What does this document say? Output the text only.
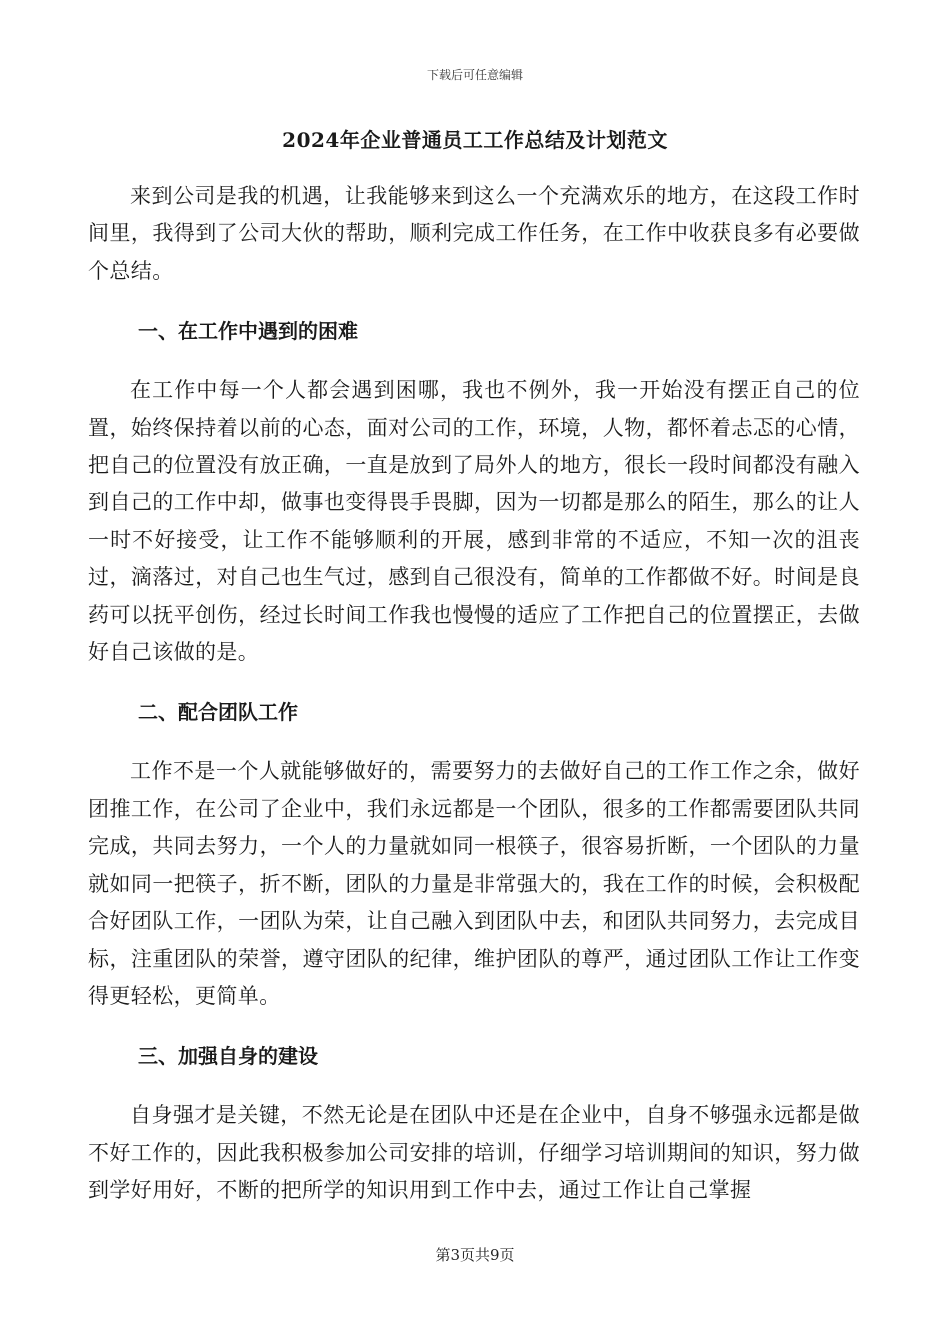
下载后可任意编辑
2024年企业普通员工工作总结及计划范文

来到公司是我的机遇，让我能够来到这么一个充满欢乐的地方，在这段工作时间里，我得到了公司大伙的帮助，顺利完成工作任务，在工作中收获良多有必要做个总结。

一、在工作中遇到的困难

在工作中每一个人都会遇到困哪，我也不例外，我一开始没有摆正自己的位置，始终保持着以前的心态，面对公司的工作，环境，人物，都怀着忐忑的心情，把自己的位置没有放正确，一直是放到了局外人的地方，很长一段时间都没有融入到自己的工作中却，做事也变得畏手畏脚，因为一切都是那么的陌生，那么的让人一时不好接受，让工作不能够顺利的开展，感到非常的不适应，不知一次的沮丧过，滴落过，对自己也生气过，感到自己很没有，简单的工作都做不好。时间是良药可以抚平创伤，经过长时间工作我也慢慢的适应了工作把自己的位置摆正，去做好自己该做的是。

二、配合团队工作

工作不是一个人就能够做好的，需要努力的去做好自己的工作工作之余，做好团推工作，在公司了企业中，我们永远都是一个团队，很多的工作都需要团队共同完成，共同去努力，一个人的力量就如同一根筷子，很容易折断，一个团队的力量就如同一把筷子，折不断，团队的力量是非常强大的，我在工作的时候，会积极配合好团队工作，一团队为荣，让自己融入到团队中去，和团队共同努力，去完成目标，注重团队的荣誉，遵守团队的纪律，维护团队的尊严，通过团队工作让工作变得更轻松，更简单。

三、加强自身的建设

自身强才是关键，不然无论是在团队中还是在企业中，自身不够强永远都是做不好工作的，因此我积极参加公司安排的培训，仔细学习培训期间的知识，努力做到学好用好，不断的把所学的知识用到工作中去，通过工作让自己掌握

第3页共9页
